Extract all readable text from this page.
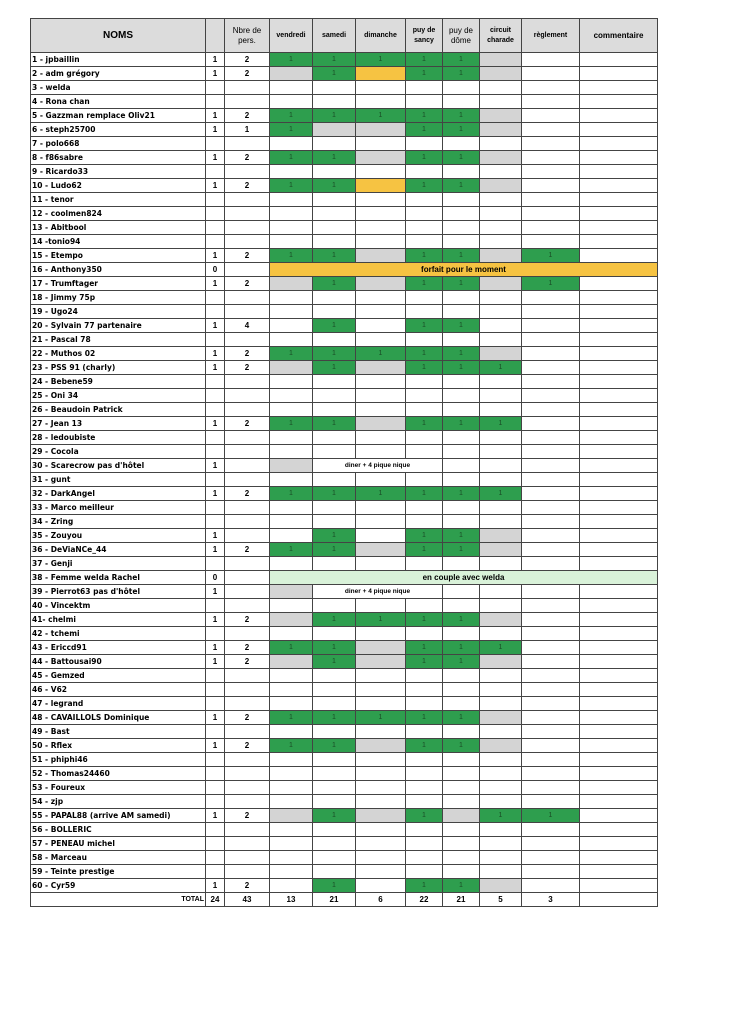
NOMS		Nbre de pers.	vendredi	samedi	dimanche	puy de sancy	puy de dôme	circuit charade	règlement	commentaire	
1 - jpbaillin	1	2	1	1	1	1	1				
2 - adm grégory	1	2		1		1	1				
3 - welda											
4 - Rona chan											
5 - Gazzman remplace Oliv21	1	2	1	1	1	1	1				
6 - steph25700	1	1	1			1	1				
7 - polo668											
8 - f86sabre	1	2	1	1		1	1				
9 - Ricardo33											
10 - Ludo62	1	2	1	1		1	1				
11 - tenor											
12 - coolmen824											
13 - Abitbool											
14 -tonio94											
15 - Etempo	1	2	1	1		1	1		1		
16 - Anthony350	0		forfait pour le moment								
17 - Trumftager	1	2		1		1	1		1		
18 - Jimmy 75p											
19 - Ugo24											
20 - Sylvain 77 partenaire	1	4		1		1	1				
21 - Pascal 78											
22 - Muthos 02	1	2	1	1	1	1	1				
23 - PSS 91 (charly)	1	2		1		1	1	1			
24 - Bebene59											
25 - Oni 34											
26 - Beaudoin Patrick											
27 - Jean 13	1	2	1	1		1	1	1			
28 - ledoubiste											
29 - Cocola											
30 - Scarecrow pas d'hôtel	1			diner + 4 pique nique							
31 - gunt											
32 - DarkAngel	1	2	1	1	1	1	1	1			
33 - Marco meilleur											
34 - Zring											
35 - Zouyou	1			1		1	1				
36 - DeViaNCe_44	1	2	1	1		1	1				
37 - Genji											
38 - Femme welda Rachel	0		en couple avec welda								
39 - Pierrot63 pas d'hôtel	1			diner + 4 pique nique							
40 - Vincektm											
41- chelmi	1	2		1	1	1	1				
42 - tchemi											
43 - Ericcd91	1	2	1	1		1	1	1			
44 - Battousai90	1	2		1		1	1				
45 - Gemzed											
46 - V62											
47 - legrand											
48 - CAVAILLOLS Dominique	1	2	1	1	1	1	1				
49 - Bast											
50 - Rflex	1	2	1	1		1	1				
51 - phiphi46											
52 - Thomas24460											
53 - Foureux											
54 - zjp											
55 - PAPAL88 (arrive AM samedi)	1	2		1		1		1	1		
56 - BOLLERIC											
57 - PENEAU michel											
58 - Marceau											
59 - Teinte prestige											
60 - Cyr59	1	2		1		1	1				
TOTAL	24	43	13	21	6	22	21	5	3		
